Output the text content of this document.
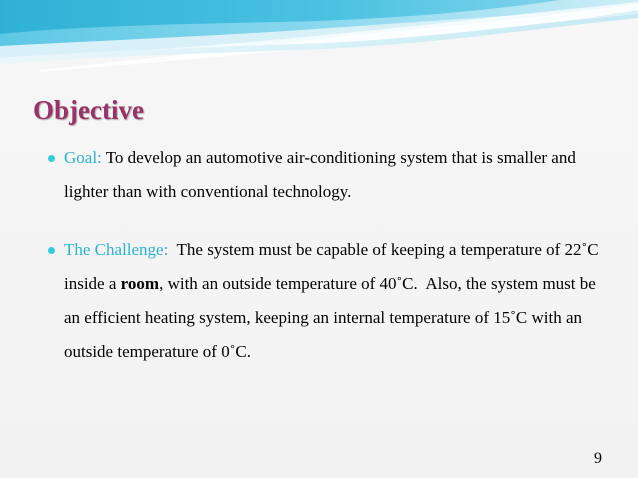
Objective
Goal: To develop an automotive air-conditioning system that is smaller and lighter than with conventional technology.
The Challenge:  The system must be capable of keeping a temperature of 22˚C inside a room, with an outside temperature of 40˚C.  Also, the system must be an efficient heating system, keeping an internal temperature of 15˚C with an outside temperature of 0˚C.
9
